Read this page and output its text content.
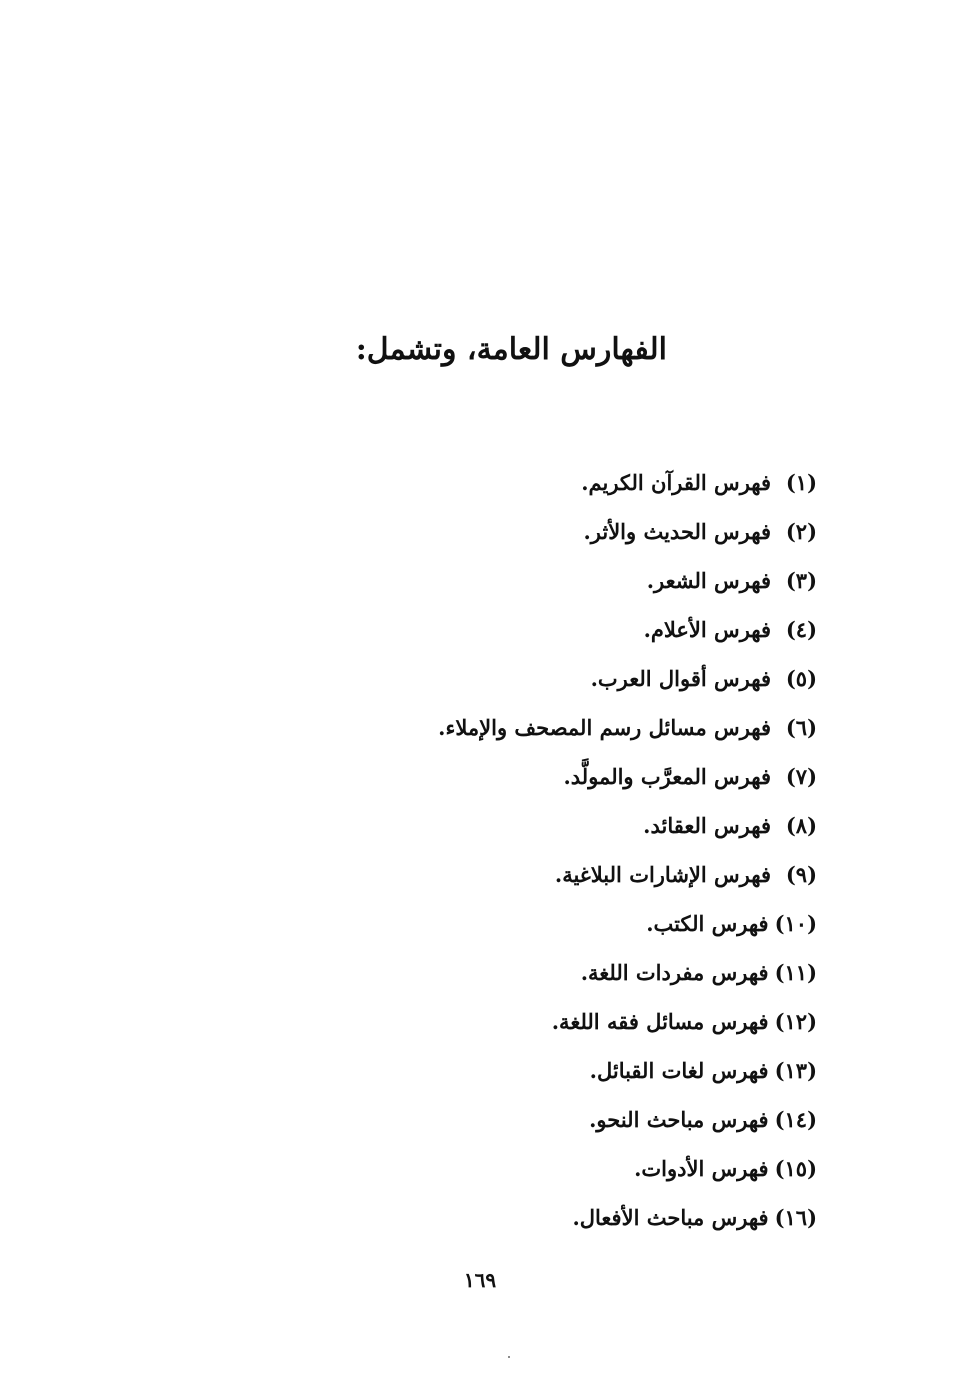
الفهارس العامة، وتشمل:
(١)
فهرس القرآن الكريم.
(٢)
فهرس الحديث والأثر.
(٣)
فهرس الشعر.
(٤)
فهرس الأعلام.
(٥)
فهرس أقوال العرب.
(٦)
فهرس مسائل رسم المصحف والإملاء.
(٧)
فهرس المعرَّب والمولَّد.
(٨)
فهرس العقائد.
(٩)
فهرس الإشارات البلاغية.
(١٠)
فهرس الكتب.
(١١)
فهرس مفردات اللغة.
(١٢)
فهرس مسائل فقه اللغة.
(١٣)
فهرس لغات القبائل.
(١٤)
فهرس مباحث النحو.
(١٥)
فهرس الأدوات.
(١٦)
فهرس مباحث الأفعال.
١٦٩
